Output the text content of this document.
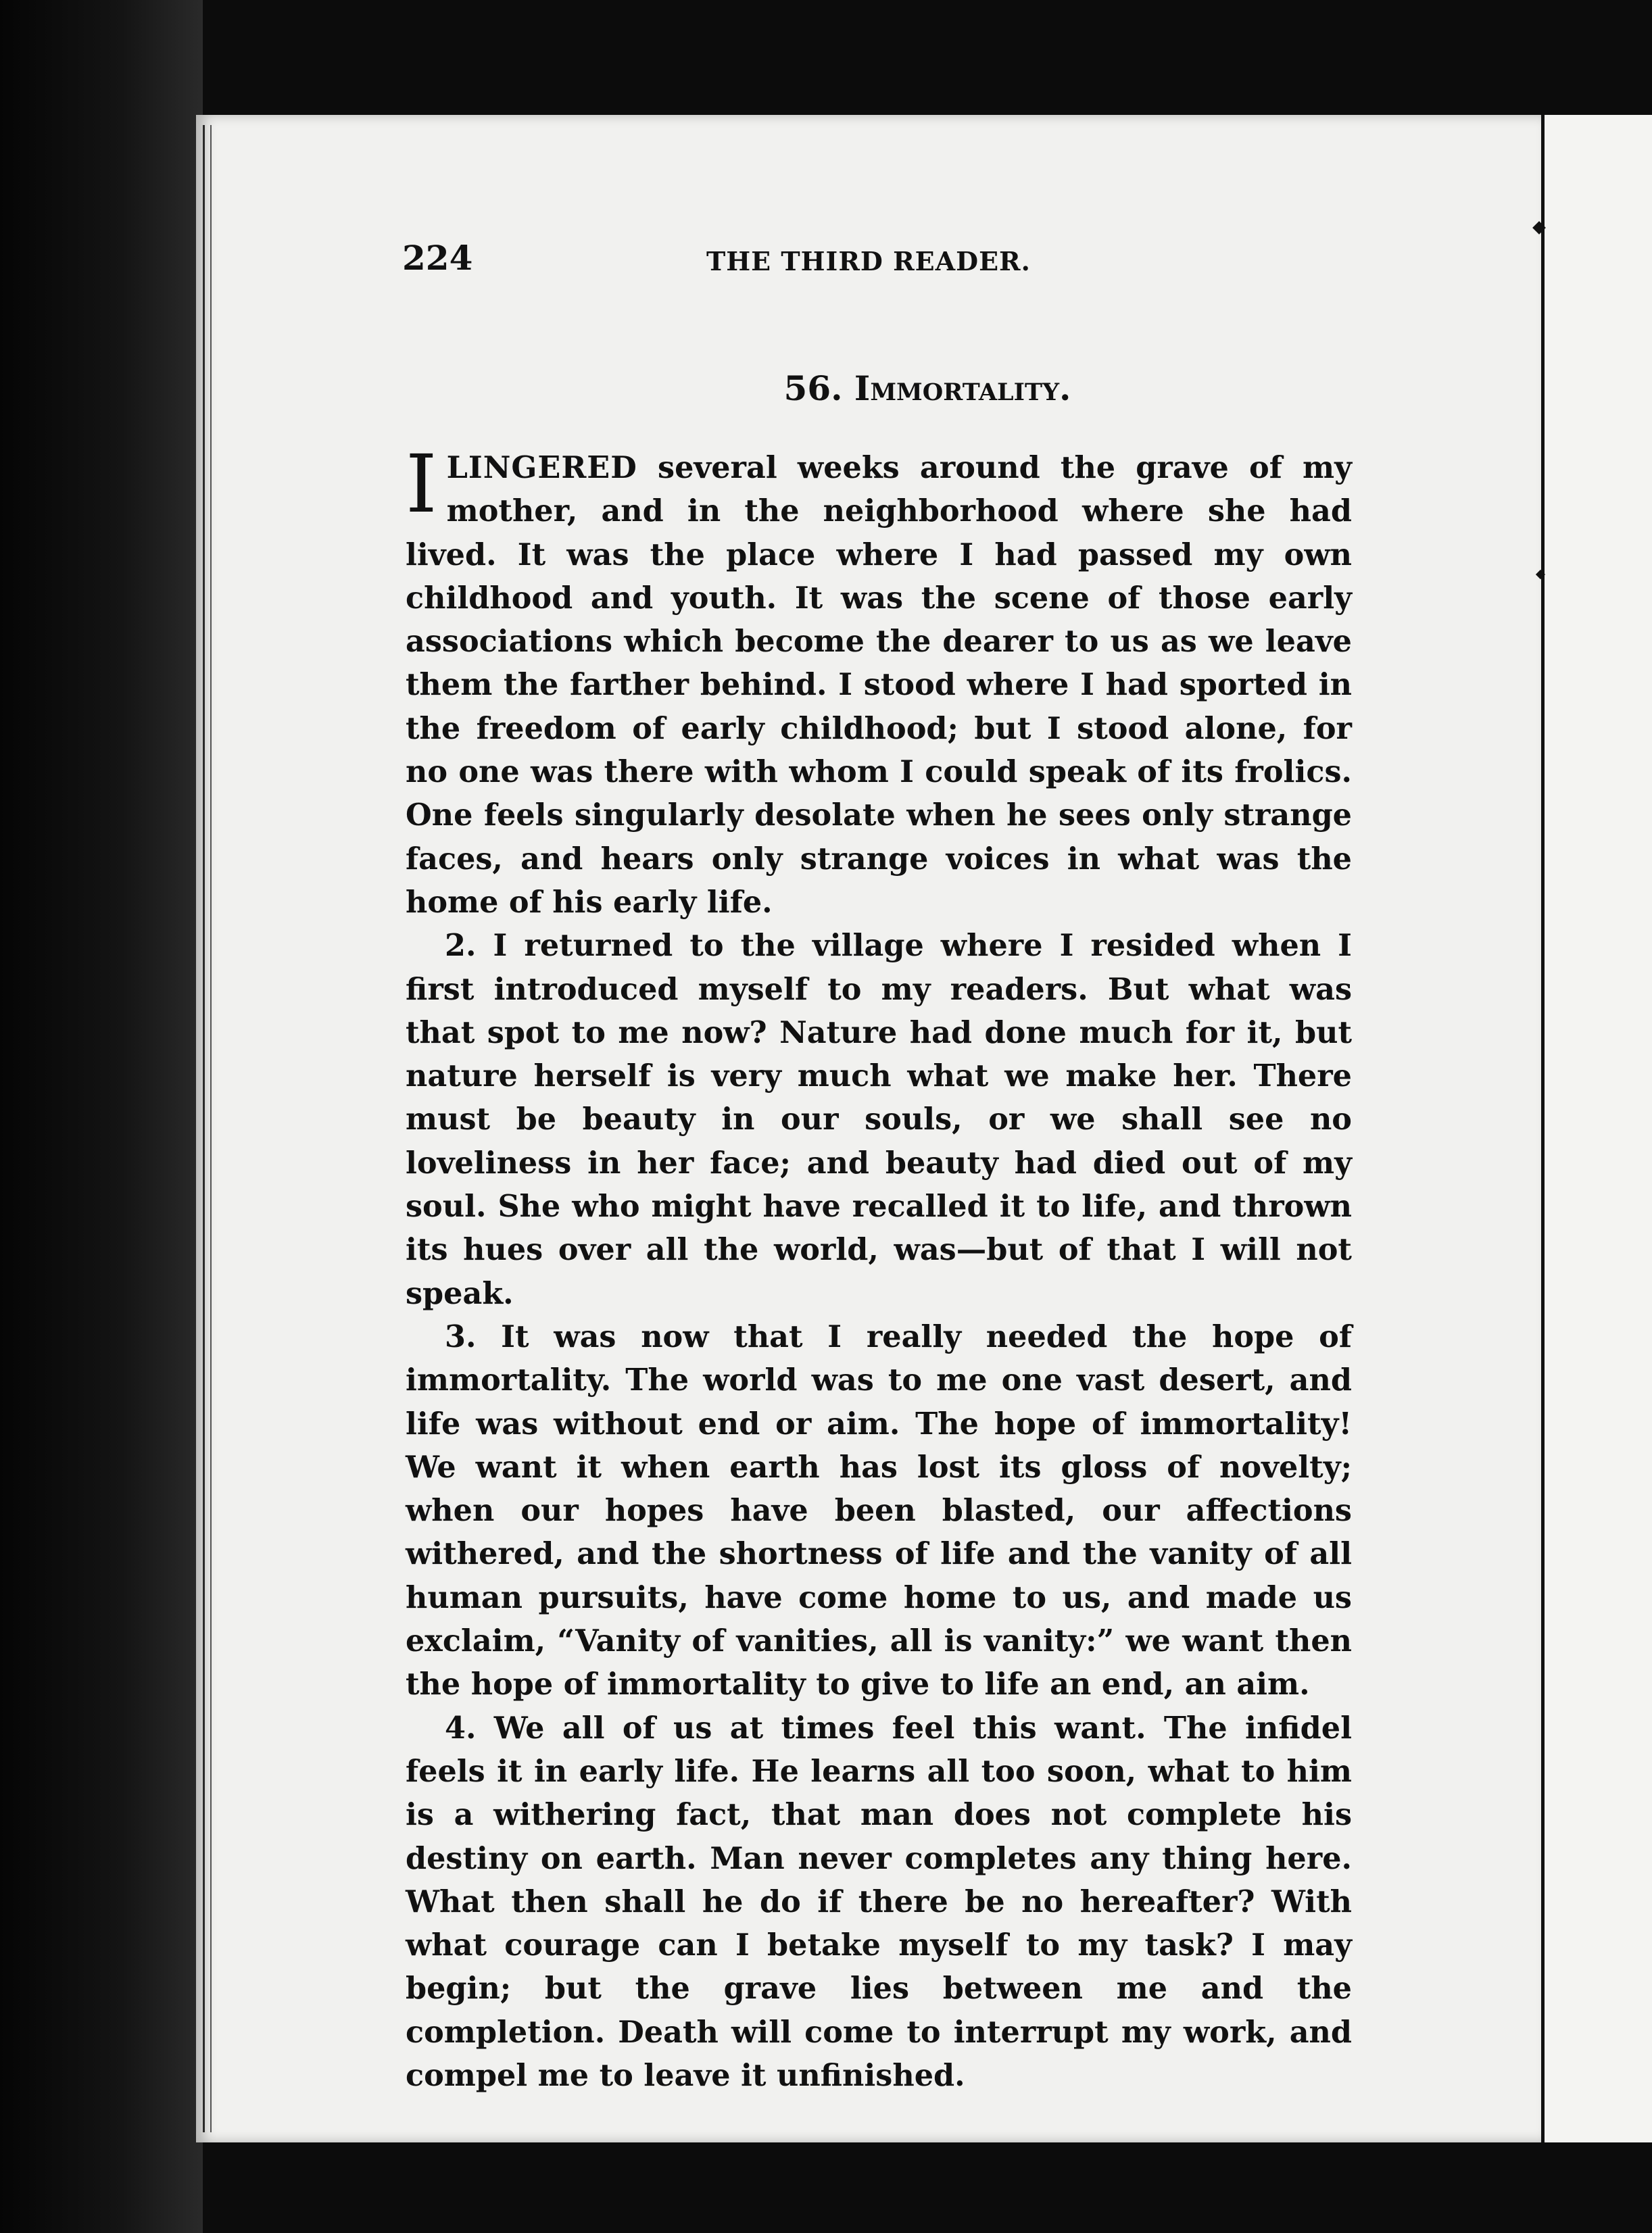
224	THE THIRD READER.
56. Immortality.

ILINGERED several weeks around the grave of my mother, and in the neighborhood where she had lived. It was the place where I had passed my own childhood and youth. It was the scene of those early associations which become the dearer to us as we leave them the farther behind. I stood where I had sported in the freedom of early childhood; but I stood alone, for no one was there with whom I could speak of its frolics. One feels singularly desolate when he sees only strange faces, and hears only strange voices in what was the home of his early life.

2. I returned to the village where I resided when I first introduced myself to my readers. But what was that spot to me now? Nature had done much for it, but nature herself is very much what we make her. There must be beauty in our souls, or we shall see no loveliness in her face; and beauty had died out of my soul. She who might have recalled it to life, and thrown its hues over all the world, was—but of that I will not speak.

3. It was now that I really needed the hope of immortality. The world was to me one vast desert, and life was without end or aim. The hope of immortality! We want it when earth has lost its gloss of novelty; when our hopes have been blasted, our affections withered, and the shortness of life and the vanity of all human pursuits, have come home to us, and made us exclaim, “Vanity of vanities, all is vanity:” we want then the hope of immortality to give to life an end, an aim.

4. We all of us at times feel this want. The infidel feels it in early life. He learns all too soon, what to him is a withering fact, that man does not complete his destiny on earth. Man never completes any thing here. What then shall he do if there be no hereafter? With what courage can I betake myself to my task? I may begin; but the grave lies between me and the completion. Death will come to interrupt my work, and compel me to leave it unfinished.
